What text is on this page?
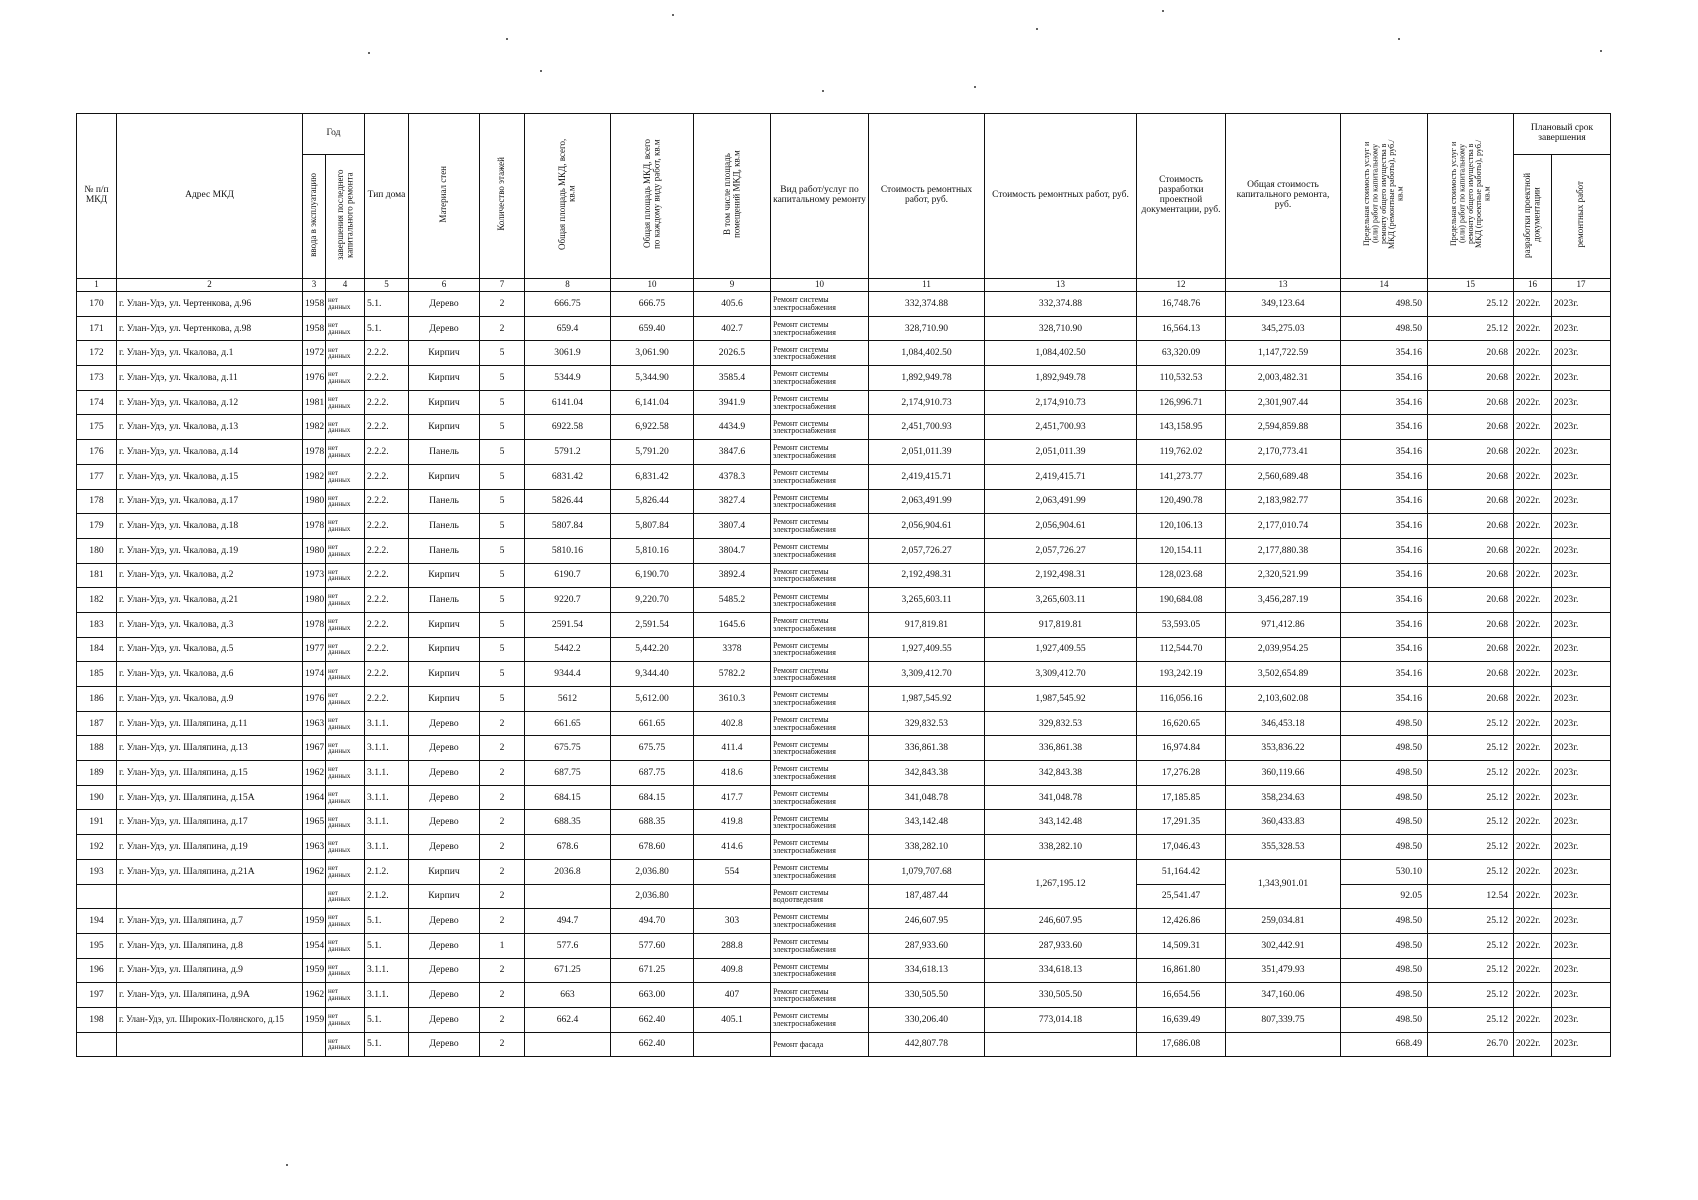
№ п/п МКД	Адрес МКД	Год		Тип дома	Материал стен	Количество этажей	Общая площадь МКД, всего, кв.м	Общая площадь МКД, всего по каждому виду работ, кв.м	В том числе площадь помещений МКД, кв.м	Вид работ/услуг по капитальному ремонту	Стоимость ремонтных работ, руб.	Стоимость ремонтных работ, руб.	Стоимость разработки проектной документации, руб.	Общая стоимость капитального ремонта, руб.	Предельная стоимость услуг и (или) работ по капитальному ремонту общего имущества в МКД (ремонтные работы), руб./кв.м	Предельная стоимость услуг и (или) работ по капитальному ремонту общего имущества в МКД (проектные работы), руб./кв.м	Плановый срок завершения	
		ввода в эксплуатацию	завершения последнего капитального ремонта														разработки проектной документации	ремонтных работ
1	2	3	4	5	6	7	8	10	9	10	11	13	12	13	14	15	16	17
170	г. Улан-Удэ, ул. Чертенкова, д.96	1958	нет данных	5.1.	Дерево	2	666.75	666.75	405.6	Ремонт системы электроснабжения	332,374.88	332,374.88	16,748.76	349,123.64	498.50	25.12	2022г.	2023г.
171	г. Улан-Удэ, ул. Чертенкова, д.98	1958	нет данных	5.1.	Дерево	2	659.4	659.40	402.7	Ремонт системы электроснабжения	328,710.90	328,710.90	16,564.13	345,275.03	498.50	25.12	2022г.	2023г.
172	г. Улан-Удэ, ул. Чкалова, д.1	1972	нет данных	2.2.2.	Кирпич	5	3061.9	3,061.90	2026.5	Ремонт системы электроснабжения	1,084,402.50	1,084,402.50	63,320.09	1,147,722.59	354.16	20.68	2022г.	2023г.
173	г. Улан-Удэ, ул. Чкалова, д.11	1976	нет данных	2.2.2.	Кирпич	5	5344.9	5,344.90	3585.4	Ремонт системы электроснабжения	1,892,949.78	1,892,949.78	110,532.53	2,003,482.31	354.16	20.68	2022г.	2023г.
174	г. Улан-Удэ, ул. Чкалова, д.12	1981	нет данных	2.2.2.	Кирпич	5	6141.04	6,141.04	3941.9	Ремонт системы электроснабжения	2,174,910.73	2,174,910.73	126,996.71	2,301,907.44	354.16	20.68	2022г.	2023г.
175	г. Улан-Удэ, ул. Чкалова, д.13	1982	нет данных	2.2.2.	Кирпич	5	6922.58	6,922.58	4434.9	Ремонт системы электроснабжения	2,451,700.93	2,451,700.93	143,158.95	2,594,859.88	354.16	20.68	2022г.	2023г.
176	г. Улан-Удэ, ул. Чкалова, д.14	1978	нет данных	2.2.2.	Панель	5	5791.2	5,791.20	3847.6	Ремонт системы электроснабжения	2,051,011.39	2,051,011.39	119,762.02	2,170,773.41	354.16	20.68	2022г.	2023г.
177	г. Улан-Удэ, ул. Чкалова, д.15	1982	нет данных	2.2.2.	Кирпич	5	6831.42	6,831.42	4378.3	Ремонт системы электроснабжения	2,419,415.71	2,419,415.71	141,273.77	2,560,689.48	354.16	20.68	2022г.	2023г.
178	г. Улан-Удэ, ул. Чкалова, д.17	1980	нет данных	2.2.2.	Панель	5	5826.44	5,826.44	3827.4	Ремонт системы электроснабжения	2,063,491.99	2,063,491.99	120,490.78	2,183,982.77	354.16	20.68	2022г.	2023г.
179	г. Улан-Удэ, ул. Чкалова, д.18	1978	нет данных	2.2.2.	Панель	5	5807.84	5,807.84	3807.4	Ремонт системы электроснабжения	2,056,904.61	2,056,904.61	120,106.13	2,177,010.74	354.16	20.68	2022г.	2023г.
180	г. Улан-Удэ, ул. Чкалова, д.19	1980	нет данных	2.2.2.	Панель	5	5810.16	5,810.16	3804.7	Ремонт системы электроснабжения	2,057,726.27	2,057,726.27	120,154.11	2,177,880.38	354.16	20.68	2022г.	2023г.
181	г. Улан-Удэ, ул. Чкалова, д.2	1973	нет данных	2.2.2.	Кирпич	5	6190.7	6,190.70	3892.4	Ремонт системы электроснабжения	2,192,498.31	2,192,498.31	128,023.68	2,320,521.99	354.16	20.68	2022г.	2023г.
182	г. Улан-Удэ, ул. Чкалова, д.21	1980	нет данных	2.2.2.	Панель	5	9220.7	9,220.70	5485.2	Ремонт системы электроснабжения	3,265,603.11	3,265,603.11	190,684.08	3,456,287.19	354.16	20.68	2022г.	2023г.
183	г. Улан-Удэ, ул. Чкалова, д.3	1978	нет данных	2.2.2.	Кирпич	5	2591.54	2,591.54	1645.6	Ремонт системы электроснабжения	917,819.81	917,819.81	53,593.05	971,412.86	354.16	20.68	2022г.	2023г.
184	г. Улан-Удэ, ул. Чкалова, д.5	1977	нет данных	2.2.2.	Кирпич	5	5442.2	5,442.20	3378	Ремонт системы электроснабжения	1,927,409.55	1,927,409.55	112,544.70	2,039,954.25	354.16	20.68	2022г.	2023г.
185	г. Улан-Удэ, ул. Чкалова, д.6	1974	нет данных	2.2.2.	Кирпич	5	9344.4	9,344.40	5782.2	Ремонт системы электроснабжения	3,309,412.70	3,309,412.70	193,242.19	3,502,654.89	354.16	20.68	2022г.	2023г.
186	г. Улан-Удэ, ул. Чкалова, д.9	1976	нет данных	2.2.2.	Кирпич	5	5612	5,612.00	3610.3	Ремонт системы электроснабжения	1,987,545.92	1,987,545.92	116,056.16	2,103,602.08	354.16	20.68	2022г.	2023г.
187	г. Улан-Удэ, ул. Шаляпина, д.11	1963	нет данных	3.1.1.	Дерево	2	661.65	661.65	402.8	Ремонт системы электроснабжения	329,832.53	329,832.53	16,620.65	346,453.18	498.50	25.12	2022г.	2023г.
188	г. Улан-Удэ, ул. Шаляпина, д.13	1967	нет данных	3.1.1.	Дерево	2	675.75	675.75	411.4	Ремонт системы электроснабжения	336,861.38	336,861.38	16,974.84	353,836.22	498.50	25.12	2022г.	2023г.
189	г. Улан-Удэ, ул. Шаляпина, д.15	1962	нет данных	3.1.1.	Дерево	2	687.75	687.75	418.6	Ремонт системы электроснабжения	342,843.38	342,843.38	17,276.28	360,119.66	498.50	25.12	2022г.	2023г.
190	г. Улан-Удэ, ул. Шаляпина, д.15А	1964	нет данных	3.1.1.	Дерево	2	684.15	684.15	417.7	Ремонт системы электроснабжения	341,048.78	341,048.78	17,185.85	358,234.63	498.50	25.12	2022г.	2023г.
191	г. Улан-Удэ, ул. Шаляпина, д.17	1965	нет данных	3.1.1.	Дерево	2	688.35	688.35	419.8	Ремонт системы электроснабжения	343,142.48	343,142.48	17,291.35	360,433.83	498.50	25.12	2022г.	2023г.
192	г. Улан-Удэ, ул. Шаляпина, д.19	1963	нет данных	3.1.1.	Дерево	2	678.6	678.60	414.6	Ремонт системы электроснабжения	338,282.10	338,282.10	17,046.43	355,328.53	498.50	25.12	2022г.	2023г.
193	г. Улан-Удэ, ул. Шаляпина, д.21А	1962	нет данных	2.1.2.	Кирпич	2	2036.8	2,036.80	554	Ремонт системы электроснабжения	1,079,707.68	1,267,195.12	51,164.42	1,343,901.01	530.10	25.12	2022г.	2023г.
			нет данных	2.1.2.	Кирпич	2		2,036.80		Ремонт системы водоотведения	187,487.44		25,541.47		92.05	12.54	2022г.	2023г.
194	г. Улан-Удэ, ул. Шаляпина, д.7	1959	нет данных	5.1.	Дерево	2	494.7	494.70	303	Ремонт системы электроснабжения	246,607.95	246,607.95	12,426.86	259,034.81	498.50	25.12	2022г.	2023г.
195	г. Улан-Удэ, ул. Шаляпина, д.8	1954	нет данных	5.1.	Дерево	1	577.6	577.60	288.8	Ремонт системы электроснабжения	287,933.60	287,933.60	14,509.31	302,442.91	498.50	25.12	2022г.	2023г.
196	г. Улан-Удэ, ул. Шаляпина, д.9	1959	нет данных	3.1.1.	Дерево	2	671.25	671.25	409.8	Ремонт системы электроснабжения	334,618.13	334,618.13	16,861.80	351,479.93	498.50	25.12	2022г.	2023г.
197	г. Улан-Удэ, ул. Шаляпина, д.9А	1962	нет данных	3.1.1.	Дерево	2	663	663.00	407	Ремонт системы электроснабжения	330,505.50	330,505.50	16,654.56	347,160.06	498.50	25.12	2022г.	2023г.
198	г. Улан-Удэ, ул. Широких-Полянского, д.15	1959	нет данных	5.1.	Дерево	2	662.4	662.40	405.1	Ремонт системы электроснабжения	330,206.40	773,014.18	16,639.49	807,339.75	498.50	25.12	2022г.	2023г.
			нет данных	5.1.	Дерево	2		662.40		Ремонт фасада	442,807.78		17,686.08		668.49	26.70	2022г.	2023г.
